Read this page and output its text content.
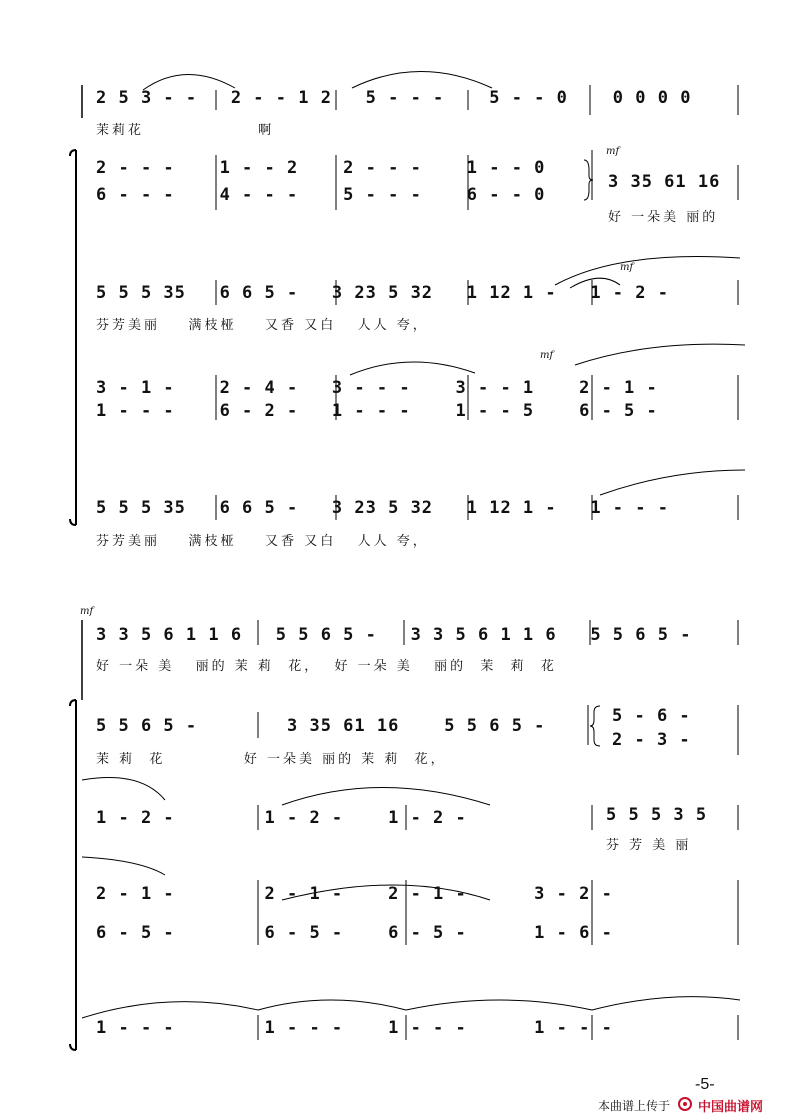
2 5 3 - -   2 - - 1 2   5 - - -    5 - - 0    0 0 0 0
茉莉花                啊
2 - - -    1 - - 2    2 - - -    1 - - 0
6 - - -    4 - - -    5 - - -    6 - - 0
mf
3 35 61 16
好 一朵美 丽的
5 5 5 35   6 6 5 -   3 23 5 32   1 12 1 -   1 - 2 -
芬芳美丽    满枝桠    又香 又白   人人 夸，
mf
3 - 1 -    2 - 4 -   3 - - -    3 - - 1    2 - 1 -
1 - - -    6 - 2 -   1 - - -    1 - - 5    6 - 5 -
mf
5 5 5 35   6 6 5 -   3 23 5 32   1 12 1 -   1 - - -
芬芳美丽    满枝桠    又香 又白   人人 夸，
mf
3 3 5 6 1 1 6   5 5 6 5 -   3 3 5 6 1 1 6   5 5 6 5 -
好 一朵 美   丽的 茉 莉  花，  好 一朵 美   丽的  茉  莉  花
5 5 6 5 -        3 35 61 16    5 5 6 5 -
茉 莉  花           好 一朵美 丽的 茉 莉  花，
5 - 6 -
2 - 3 -
1 - 2 -        1 - 2 -    1 - 2 -	5 5 5 3 5
芬 芳 美 丽
2 - 1 -        2 - 1 -    2 - 1 -      3 - 2 -
6 - 5 -        6 - 5 -    6 - 5 -      1 - 6 -
1 - - -        1 - - -    1 - - -      1 - - -
-5-
本曲谱上传于 中国曲谱网
